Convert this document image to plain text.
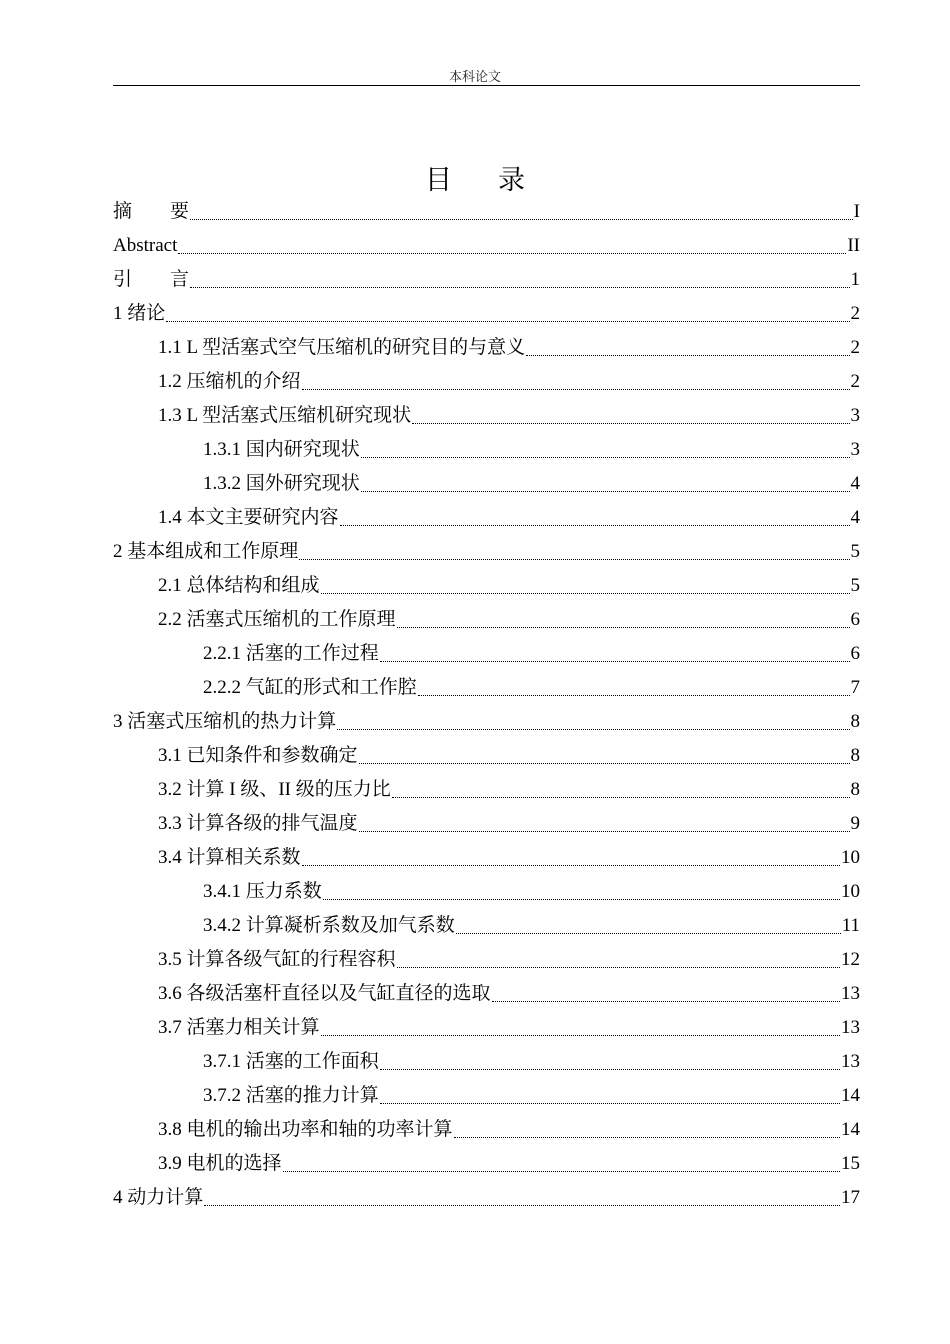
本科论文
目 录
摘　　要	I
Abstract	II
引　　言	1
1 绪论	2
1.1 L 型活塞式空气压缩机的研究目的与意义	2
1.2 压缩机的介绍	2
1.3 L 型活塞式压缩机研究现状	3
1.3.1 国内研究现状	3
1.3.2 国外研究现状	4
1.4 本文主要研究内容	4
2 基本组成和工作原理	5
2.1 总体结构和组成	5
2.2 活塞式压缩机的工作原理	6
2.2.1 活塞的工作过程	6
2.2.2 气缸的形式和工作腔	7
3 活塞式压缩机的热力计算	8
3.1 已知条件和参数确定	8
3.2 计算 I 级、II 级的压力比	8
3.3 计算各级的排气温度	9
3.4 计算相关系数	10
3.4.1 压力系数	10
3.4.2 计算凝析系数及加气系数	11
3.5 计算各级气缸的行程容积	12
3.6 各级活塞杆直径以及气缸直径的选取	13
3.7 活塞力相关计算	13
3.7.1 活塞的工作面积	13
3.7.2 活塞的推力计算	14
3.8 电机的输出功率和轴的功率计算	14
3.9 电机的选择	15
4 动力计算	17
